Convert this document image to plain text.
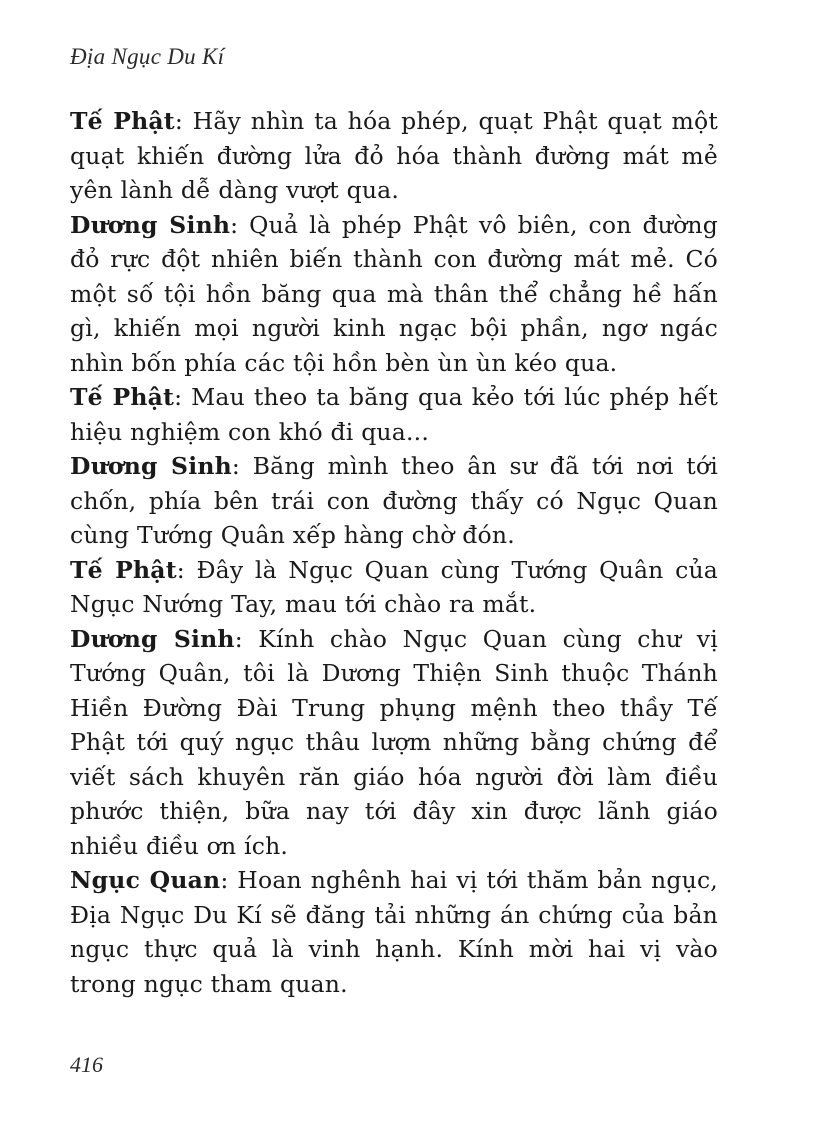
Địa Ngục Du Kí

Tế Phật: Hãy nhìn ta hóa phép, quạt Phật quạt một quạt khiến đường lửa đỏ hóa thành đường mát mẻ yên lành dễ dàng vượt qua.

Dương Sinh: Quả là phép Phật vô biên, con đường đỏ rực đột nhiên biến thành con đường mát mẻ. Có một số tội hồn băng qua mà thân thể chẳng hề hấn gì, khiến mọi người kinh ngạc bội phần, ngơ ngác nhìn bốn phía các tội hồn bèn ùn ùn kéo qua.

Tế Phật: Mau theo ta băng qua kẻo tới lúc phép hết hiệu nghiệm con khó đi qua...

Dương Sinh: Băng mình theo ân sư đã tới nơi tới chốn, phía bên trái con đường thấy có Ngục Quan cùng Tướng Quân xếp hàng chờ đón.

Tế Phật: Đây là Ngục Quan cùng Tướng Quân của Ngục Nướng Tay, mau tới chào ra mắt.

Dương Sinh: Kính chào Ngục Quan cùng chư vị Tướng Quân, tôi là Dương Thiện Sinh thuộc Thánh Hiền Đường Đài Trung phụng mệnh theo thầy Tế Phật tới quý ngục thâu lượm những bằng chứng để viết sách khuyên răn giáo hóa người đời làm điều phước thiện, bữa nay tới đây xin được lãnh giáo nhiều điều ơn ích.

Ngục Quan: Hoan nghênh hai vị tới thăm bản ngục, Địa Ngục Du Kí sẽ đăng tải những án chứng của bản ngục thực quả là vinh hạnh. Kính mời hai vị vào trong ngục tham quan.

416
